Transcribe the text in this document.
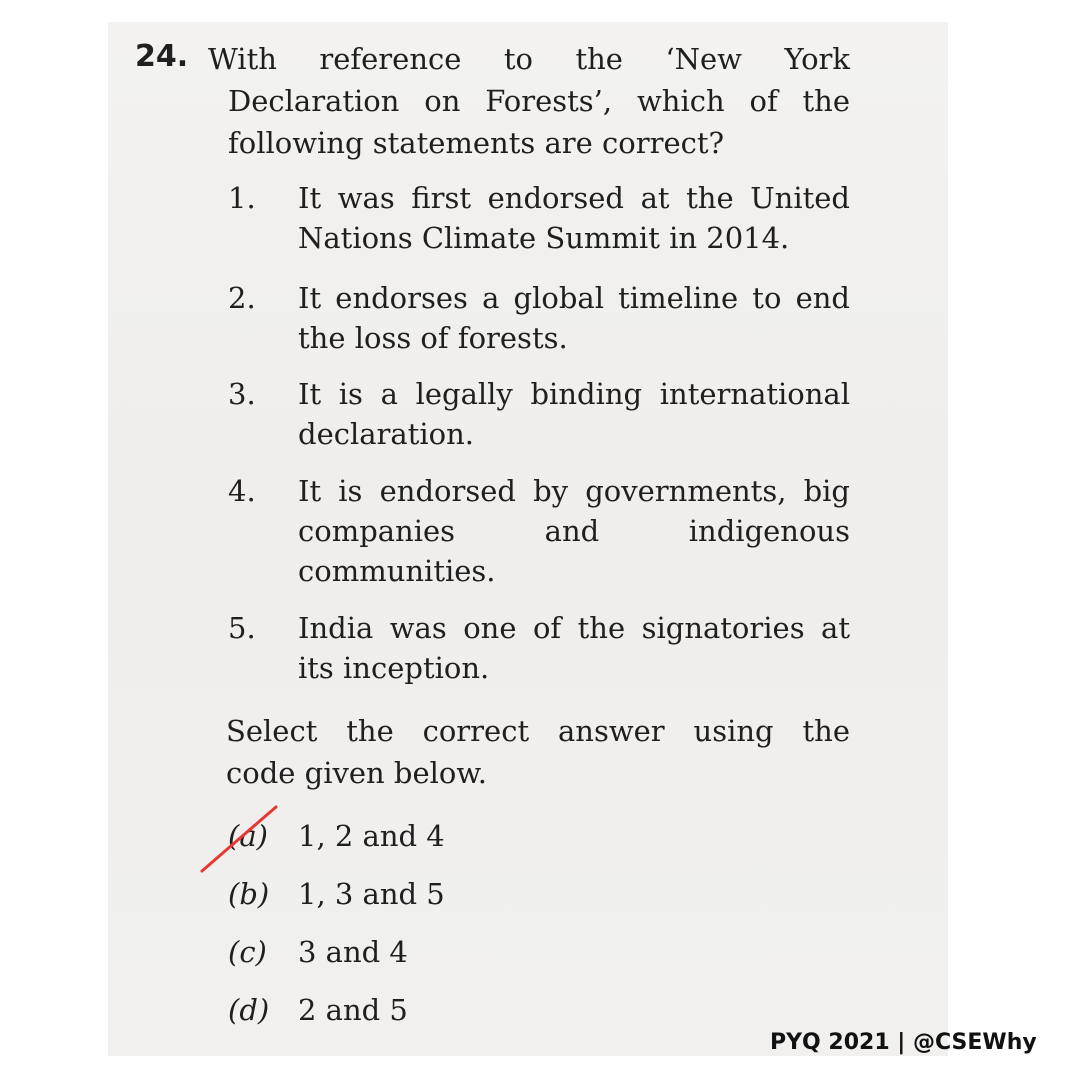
24. With reference to the ‘New York
Declaration on Forests’, which of the following statements are correct?
1. It was first endorsed at the United Nations Climate Summit in 2014.
2. It endorses a global timeline to end the loss of forests.
3. It is a legally binding international declaration.
4. It is endorsed by governments, big companies and indigenous communities.
5. India was one of the signatories at its inception.
Select the correct answer using the
code given below.
(a) 1, 2 and 4
(b) 1, 3 and 5
(c) 3 and 4
(d) 2 and 5
PYQ 2021 | @CSEWhy
